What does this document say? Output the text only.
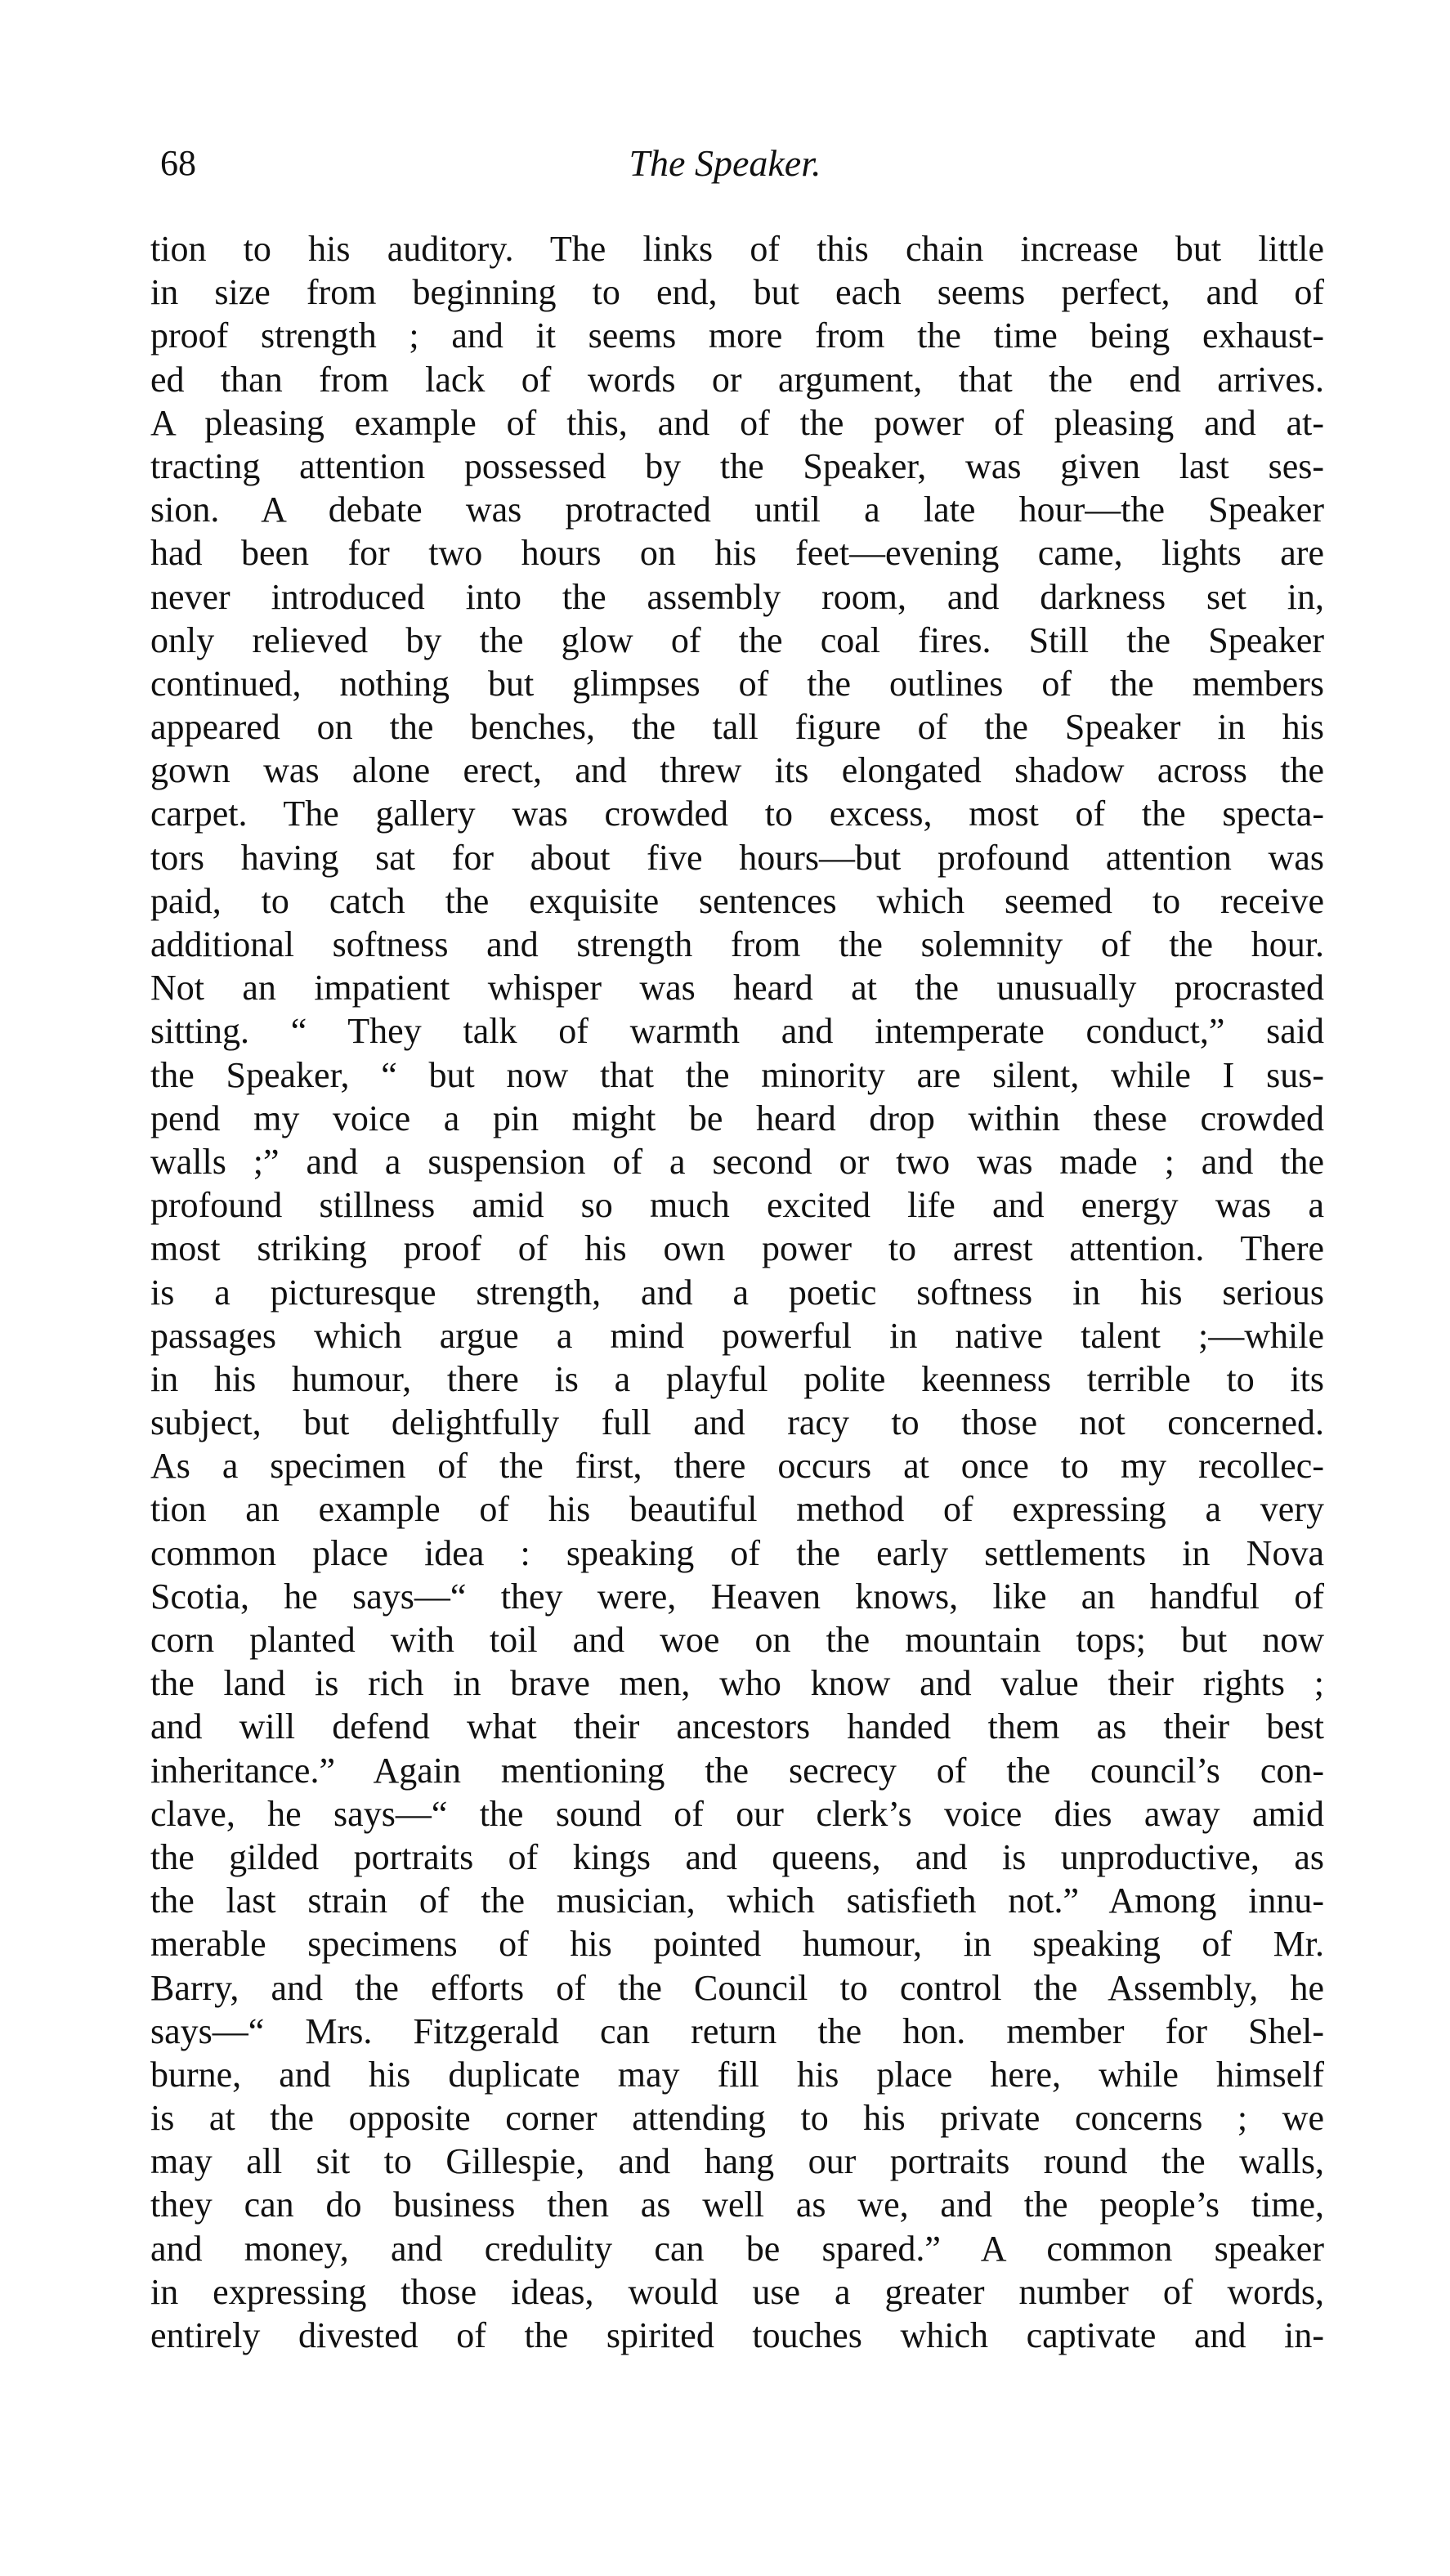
68	The Speaker.
tion to his auditory. The links of this chain increase but little
in size from beginning to end, but each seems perfect, and of
proof strength ; and it seems more from the time being exhaust-
ed than from lack of words or argument, that the end arrives.
A pleasing example of this, and of the power of pleasing and at-
tracting attention possessed by the Speaker, was given last ses-
sion. A debate was protracted until a late hour—the Speaker
had been for two hours on his feet—evening came, lights are
never introduced into the assembly room, and darkness set in,
only relieved by the glow of the coal fires. Still the Speaker
continued, nothing but glimpses of the outlines of the members
appeared on the benches, the tall figure of the Speaker in his
gown was alone erect, and threw its elongated shadow across the
carpet. The gallery was crowded to excess, most of the specta-
tors having sat for about five hours—but profound attention was
paid, to catch the exquisite sentences which seemed to receive
additional softness and strength from the solemnity of the hour.
Not an impatient whisper was heard at the unusually procrasted
sitting. “ They talk of warmth and intemperate conduct,” said
the Speaker, “ but now that the minority are silent, while I sus-
pend my voice a pin might be heard drop within these crowded
walls ;” and a suspension of a second or two was made ; and the
profound stillness amid so much excited life and energy was a
most striking proof of his own power to arrest attention. There
is a picturesque strength, and a poetic softness in his serious
passages which argue a mind powerful in native talent ;—while
in his humour, there is a playful polite keenness terrible to its
subject, but delightfully full and racy to those not concerned.
As a specimen of the first, there occurs at once to my recollec-
tion an example of his beautiful method of expressing a very
common place idea : speaking of the early settlements in Nova
Scotia, he says—“ they were, Heaven knows, like an handful of
corn planted with toil and woe on the mountain tops; but now
the land is rich in brave men, who know and value their rights ;
and will defend what their ancestors handed them as their best
inheritance.” Again mentioning the secrecy of the council’s con-
clave, he says—“ the sound of our clerk’s voice dies away amid
the gilded portraits of kings and queens, and is unproductive, as
the last strain of the musician, which satisfieth not.” Among innu-
merable specimens of his pointed humour, in speaking of Mr.
Barry, and the efforts of the Council to control the Assembly, he
says—“ Mrs. Fitzgerald can return the hon. member for Shel-
burne, and his duplicate may fill his place here, while himself
is at the opposite corner attending to his private concerns ; we
may all sit to Gillespie, and hang our portraits round the walls,
they can do business then as well as we, and the people’s time,
and money, and credulity can be spared.” A common speaker
in expressing those ideas, would use a greater number of words,
entirely divested of the spirited touches which captivate and in-
